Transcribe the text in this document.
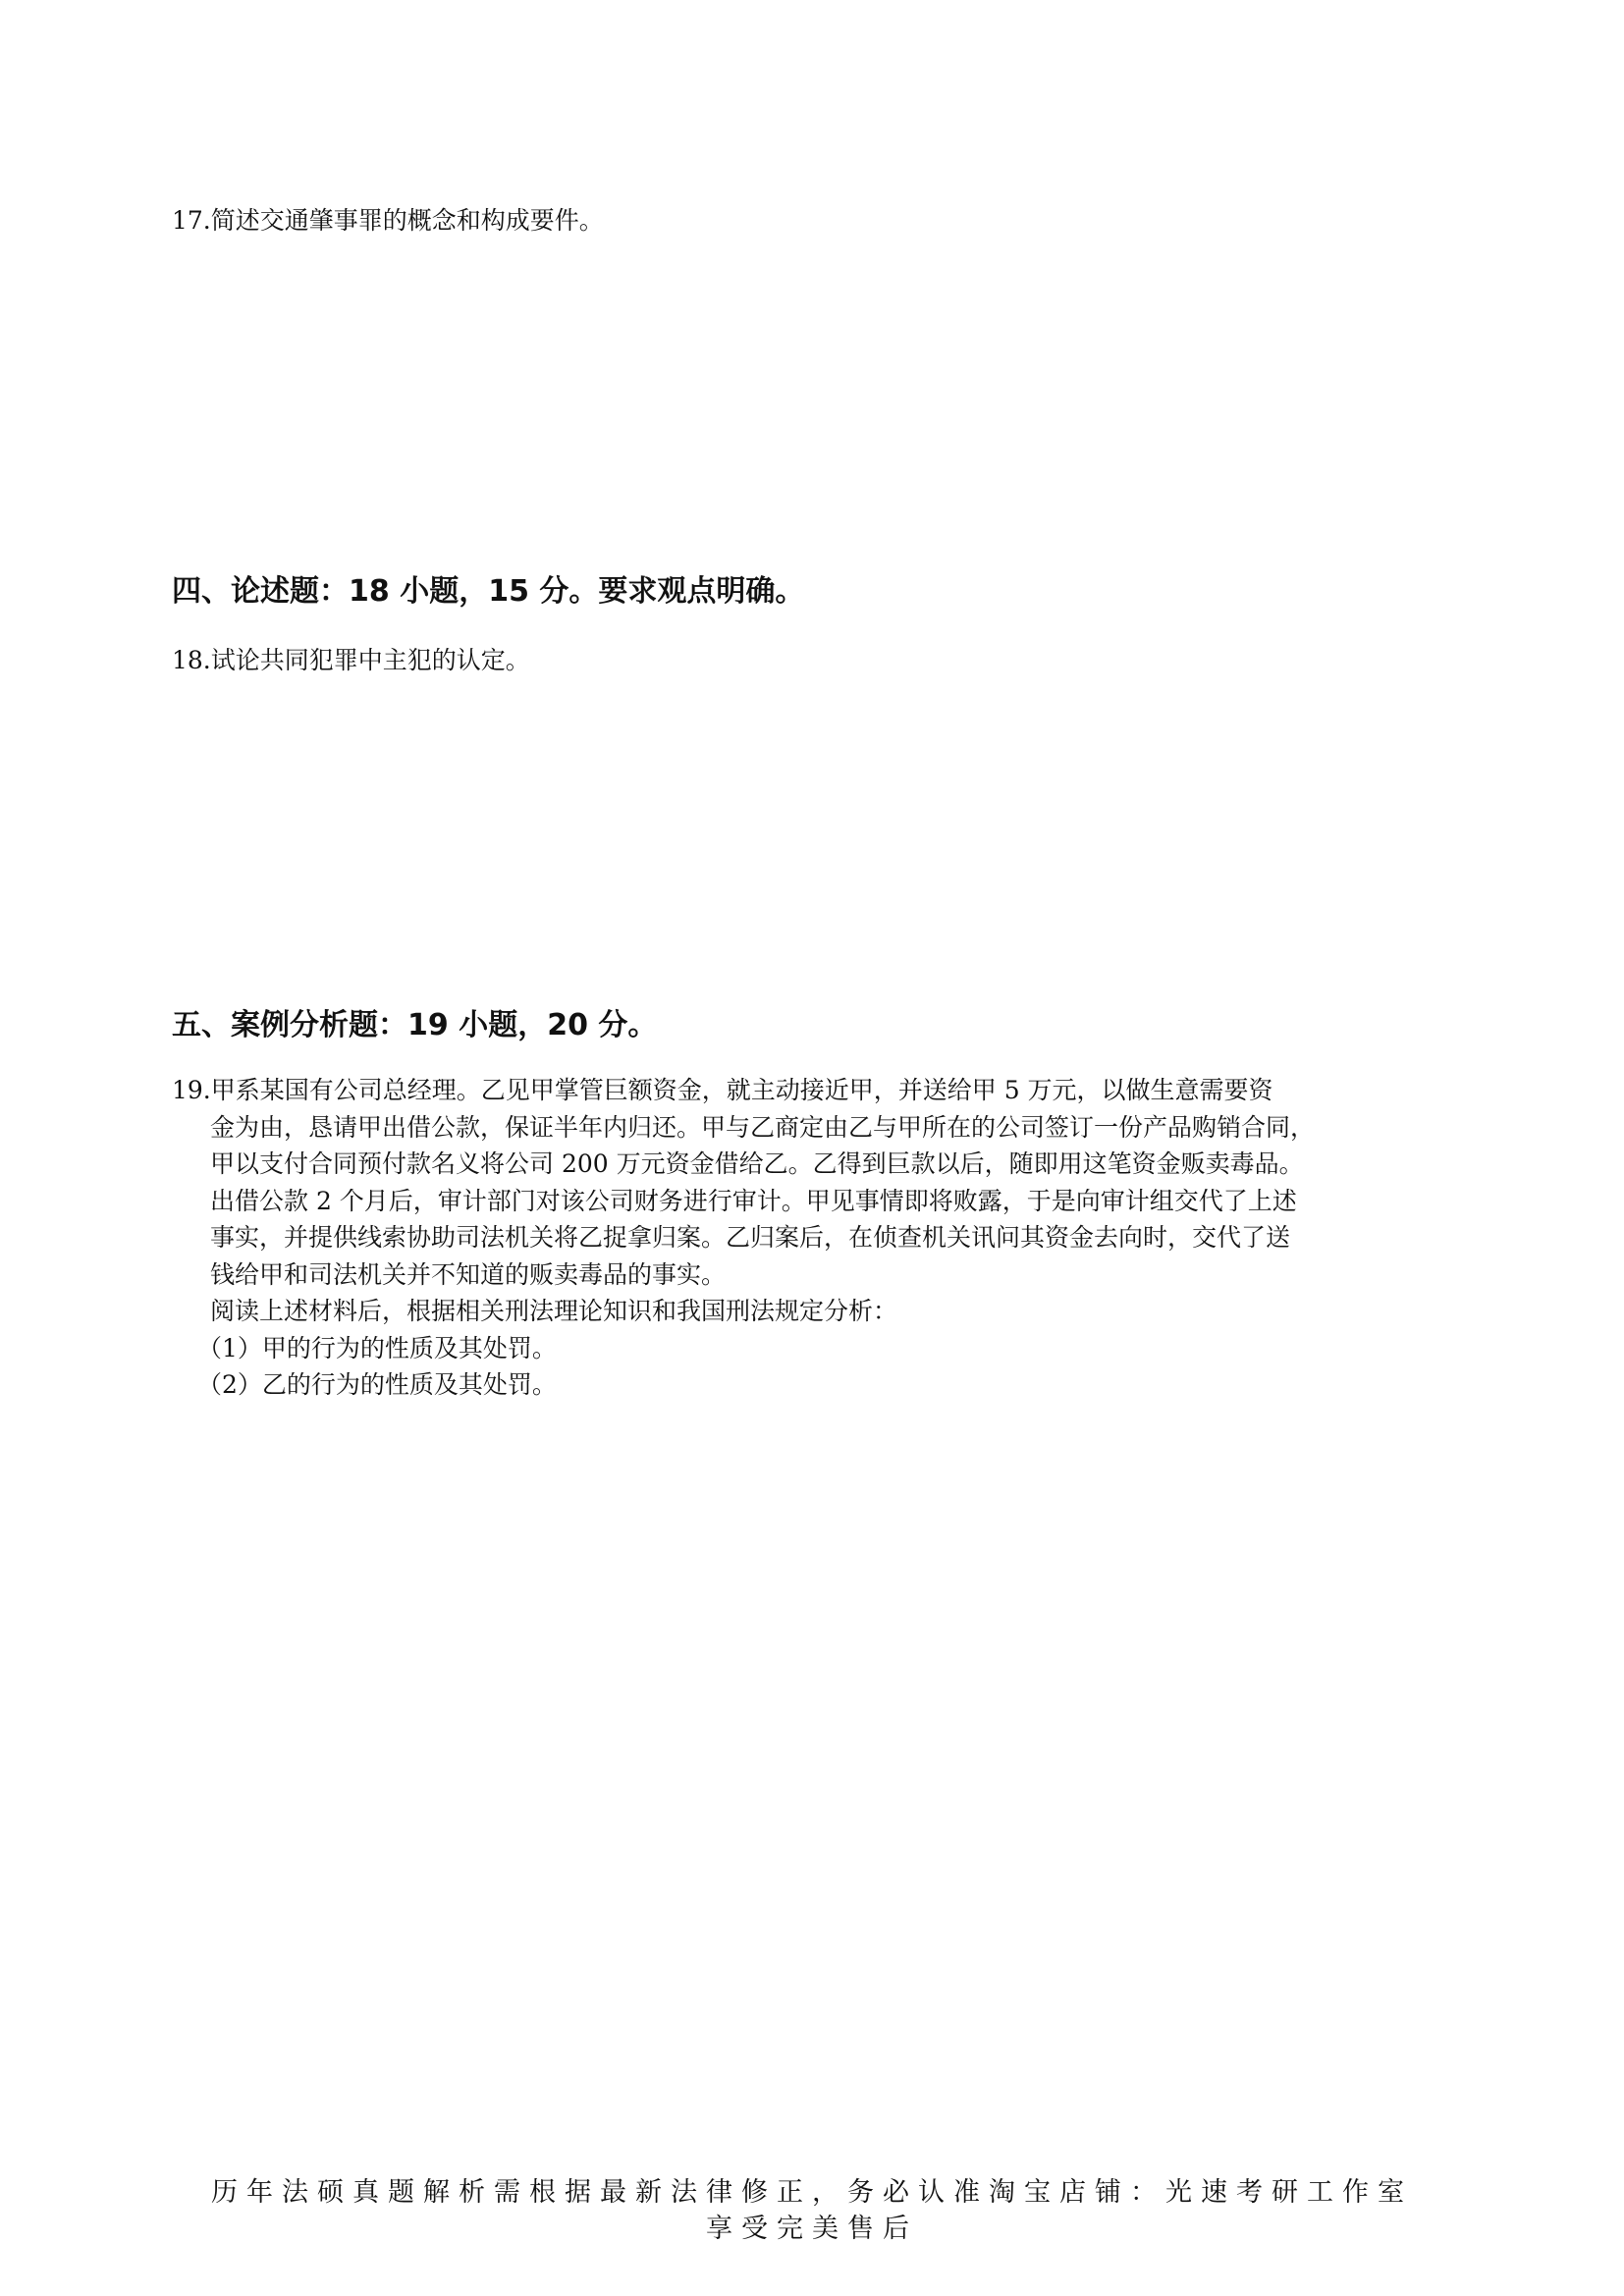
17.简述交通肇事罪的概念和构成要件。
四、论述题：18 小题，15 分。要求观点明确。
18.试论共同犯罪中主犯的认定。
五、案例分析题：19 小题，20 分。
19.甲系某国有公司总经理。乙见甲掌管巨额资金，就主动接近甲，并送给甲 5 万元，以做生意需要资
金为由，恳请甲出借公款，保证半年内归还。甲与乙商定由乙与甲所在的公司签订一份产品购销合同，
甲以支付合同预付款名义将公司 200 万元资金借给乙。乙得到巨款以后，随即用这笔资金贩卖毒品。
出借公款 2 个月后，审计部门对该公司财务进行审计。甲见事情即将败露，于是向审计组交代了上述
事实，并提供线索协助司法机关将乙捉拿归案。乙归案后，在侦查机关讯问其资金去向时，交代了送
钱给甲和司法机关并不知道的贩卖毒品的事实。
阅读上述材料后，根据相关刑法理论知识和我国刑法规定分析：
（1）甲的行为的性质及其处罚。
（2）乙的行为的性质及其处罚。
历年法硕真题解析需根据最新法律修正，务必认准淘宝店铺：光速考研工作室
享受完美售后
